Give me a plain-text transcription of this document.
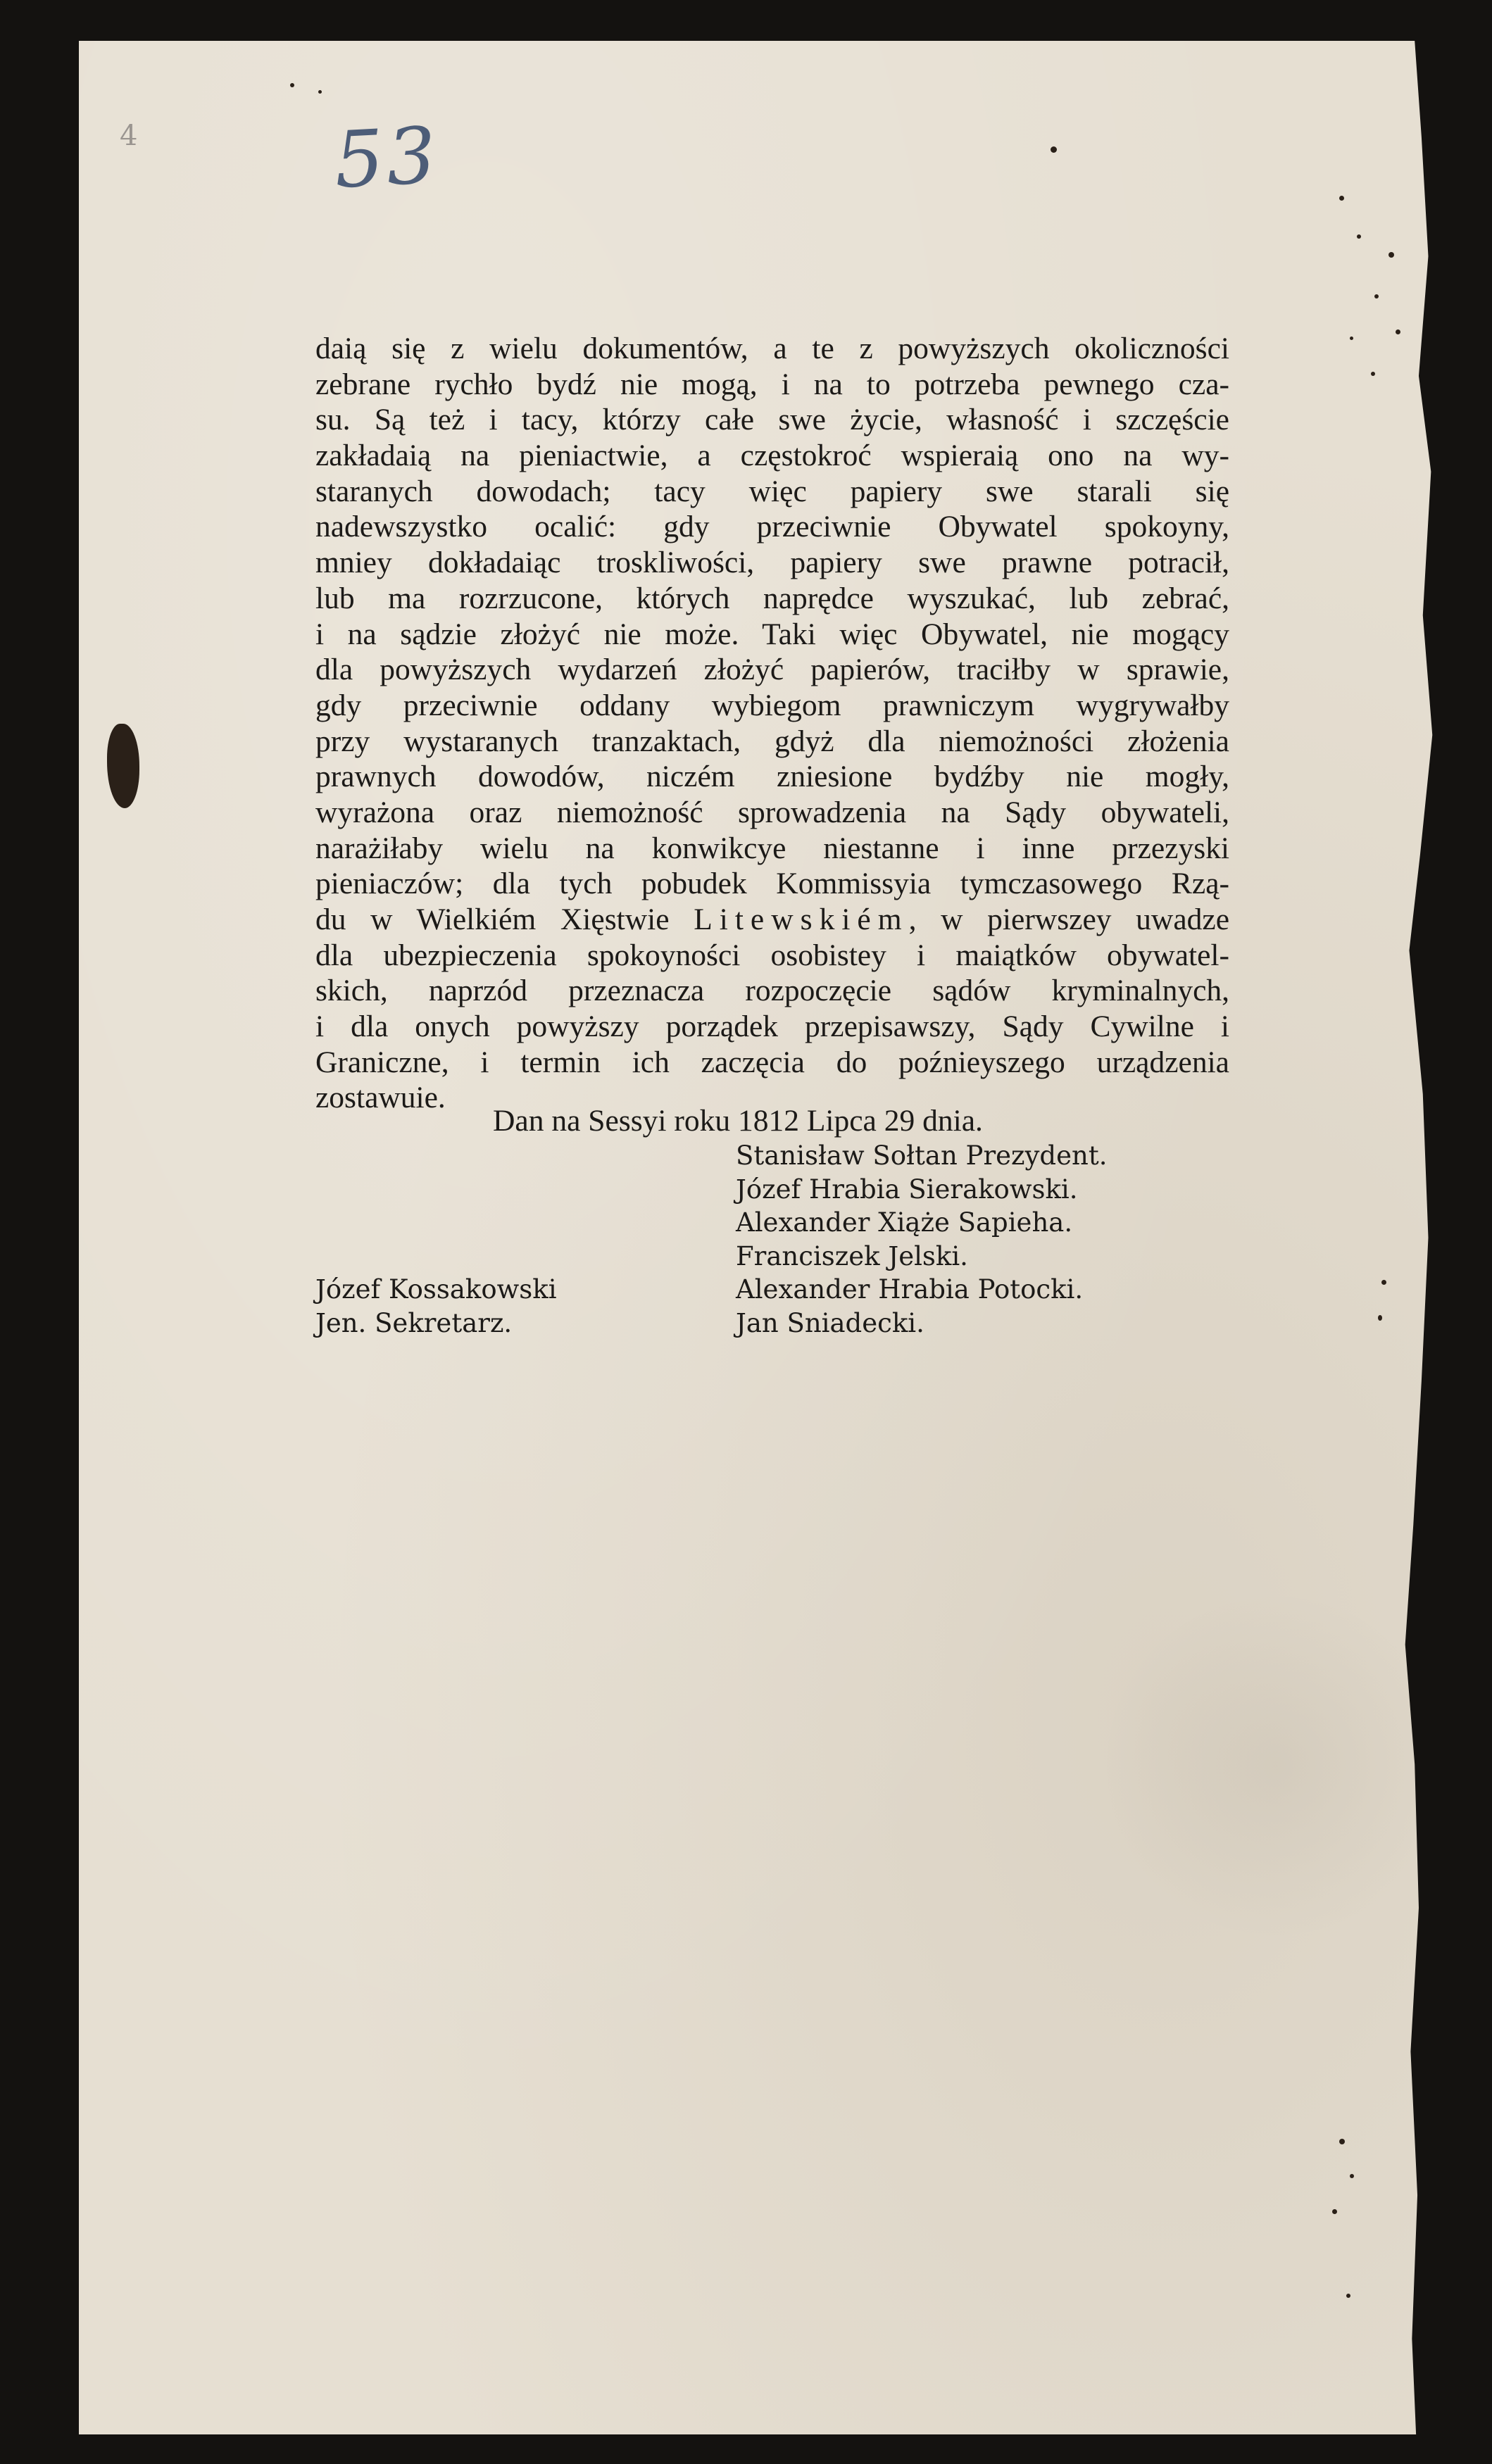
4	53
daią się z wielu dokumentów, a te z powyższych okoliczności
zebrane rychło bydź nie mogą, i na to potrzeba pewnego cza-
su. Są też i tacy, którzy całe swe życie, własność i szczęście
zakładaią na pieniactwie, a częstokroć wspieraią ono na wy-
staranych dowodach; tacy więc papiery swe starali się
nadewszystko ocalić: gdy przeciwnie Obywatel spokoyny,
mniey dokładaiąc troskliwości, papiery swe prawne potracił,
lub ma rozrzucone, których naprędce wyszukać, lub zebrać,
i na sądzie złożyć nie może. Taki więc Obywatel, nie mogący
dla powyższych wydarzeń złożyć papierów, traciłby w sprawie,
gdy przeciwnie oddany wybiegom prawniczym wygrywałby
przy wystaranych tranzaktach, gdyż dla niemożności złożenia
prawnych dowodów, niczém zniesione bydźby nie mogły,
wyrażona oraz niemożność sprowadzenia na Sądy obywateli,
narażiłaby wielu na konwikcye niestanne i inne przezyski
pieniaczów; dla tych pobudek Kommissyia tymczasowego Rzą-
du w Wielkiém Xięstwie Litewskiém, w pierwszey uwadze
dla ubezpieczenia spokoyności osobistey i maiątków obywatel-
skich, naprzód przeznacza rozpoczęcie sądów kryminalnych,
i dla onych powyższy porządek przepisawszy, Sądy Cywilne i
Graniczne, i termin ich zaczęcia do poźnieyszego urządzenia
zostawuie.
Dan na Sessyi roku 1812 Lipca 29 dnia.
Stanisław Sołtan Prezydent.
Józef Hrabia Sierakowski.
Alexander Xiąże Sapieha.
Franciszek Jelski.
Alexander Hrabia Potocki.
Jan Sniadecki.
Józef Kossakowski
Jen. Sekretarz.
